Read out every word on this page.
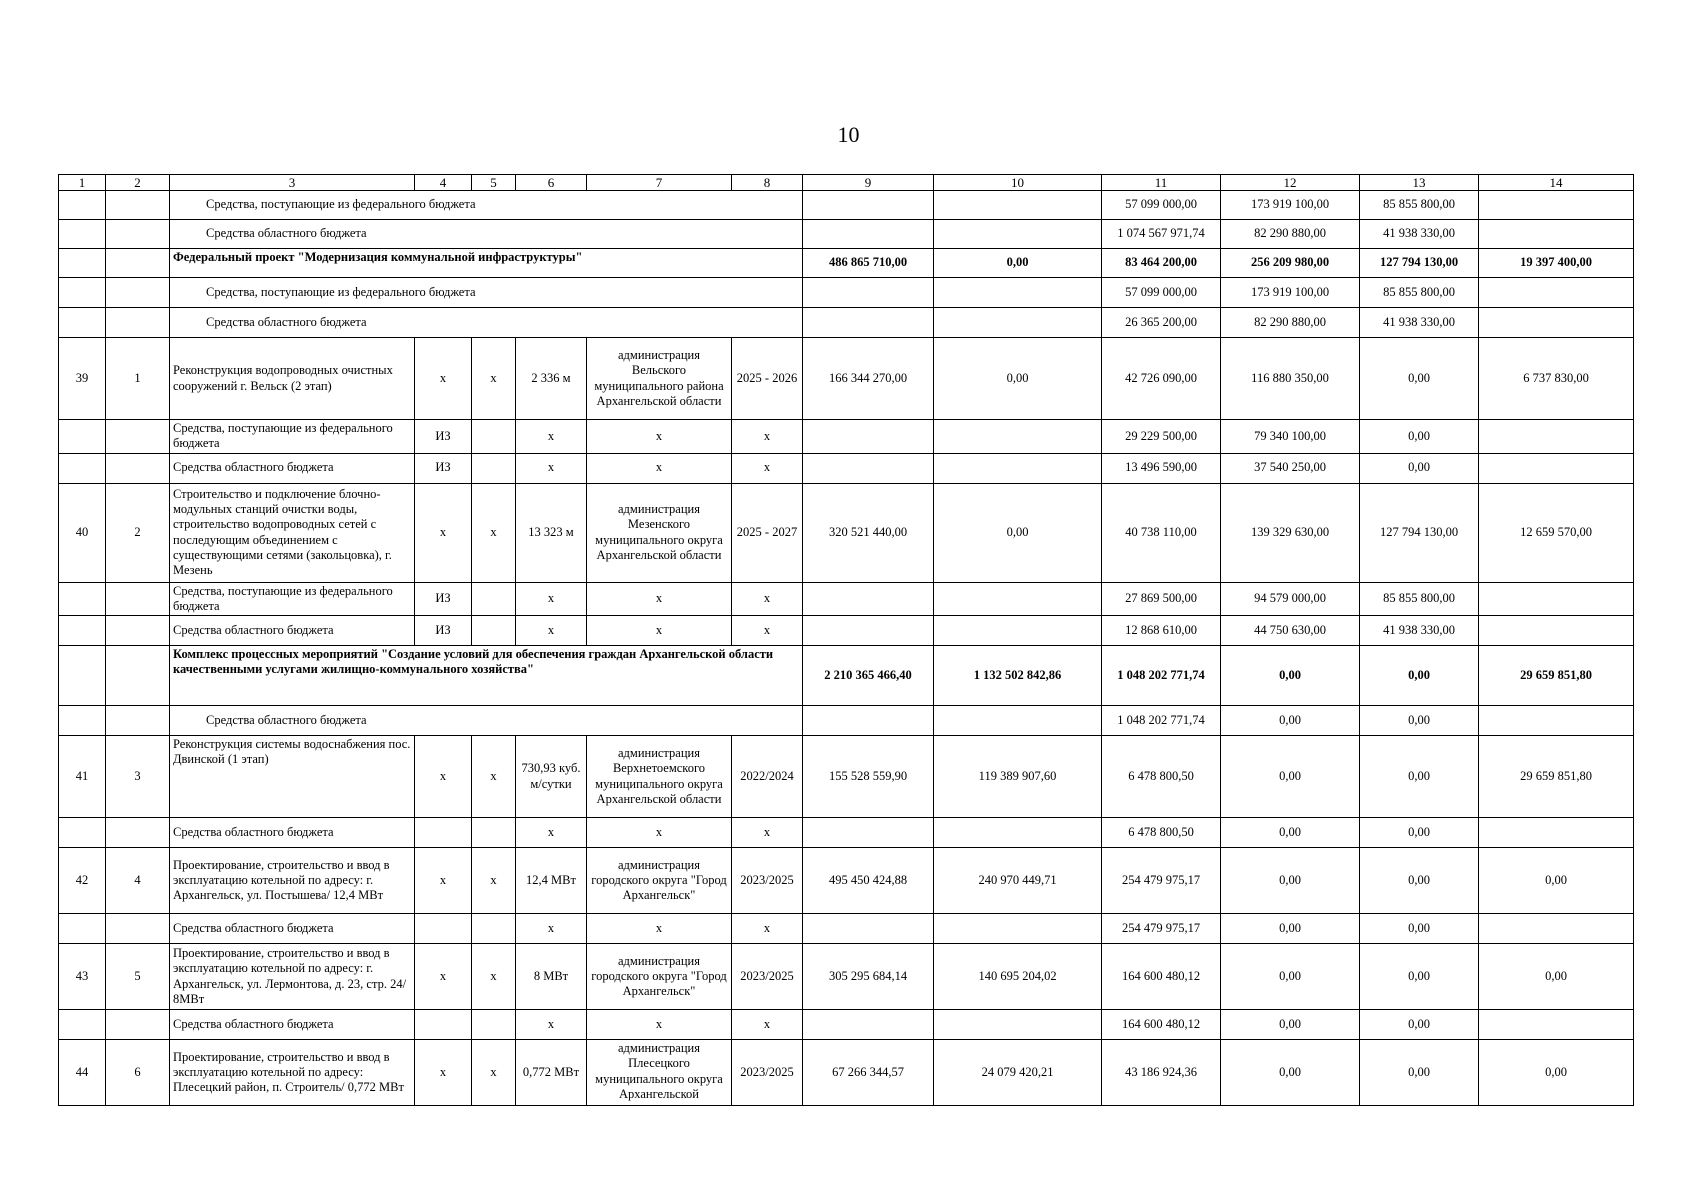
10
1	2	3	4	5	6	7	8	9	10	11	12	13	14
		Средства, поступающие из федерального бюджета								57 099 000,00	173 919 100,00	85 855 800,00	
		Средства областного бюджета								1 074 567 971,74	82 290 880,00	41 938 330,00	
		Федеральный проект "Модернизация коммунальной инфраструктуры"						486 865 710,00	0,00	83 464 200,00	256 209 980,00	127 794 130,00	19 397 400,00
		Средства, поступающие из федерального бюджета								57 099 000,00	173 919 100,00	85 855 800,00	
		Средства областного бюджета								26 365 200,00	82 290 880,00	41 938 330,00	
39	1	Реконструкция водопроводных очистных сооружений г. Вельск (2 этап)	х	х	2 336 м	администрация Вельского муниципального района Архангельской области	2025 - 2026	166 344 270,00	0,00	42 726 090,00	116 880 350,00	0,00	6 737 830,00
		Средства, поступающие из федерального бюджета	ИЗ		х	х	х			29 229 500,00	79 340 100,00	0,00	
		Средства областного бюджета	ИЗ		х	х	х			13 496 590,00	37 540 250,00	0,00	
40	2	Строительство и подключение блочно-модульных станций очистки воды, строительство водопроводных сетей с последующим объединением с существующими сетями (закольцовка), г. Мезень	х	х	13 323 м	администрация Мезенского муниципального округа Архангельской области	2025 - 2027	320 521 440,00	0,00	40 738 110,00	139 329 630,00	127 794 130,00	12 659 570,00
		Средства, поступающие из федерального бюджета	ИЗ		х	х	х			27 869 500,00	94 579 000,00	85 855 800,00	
		Средства областного бюджета	ИЗ		х	х	х			12 868 610,00	44 750 630,00	41 938 330,00	
		Комплекс процессных мероприятий "Создание условий для обеспечения граждан Архангельской области качественными услугами жилищно-коммунального хозяйства"						2 210 365 466,40	1 132 502 842,86	1 048 202 771,74	0,00	0,00	29 659 851,80
		Средства областного бюджета								1 048 202 771,74	0,00	0,00	
41	3	Реконструкция системы водоснабжения пос. Двинской (1 этап)	х	х	730,93 куб. м/сутки	администрация Верхнетоемского муниципального округа Архангельской области	2022/2024	155 528 559,90	119 389 907,60	6 478 800,50	0,00	0,00	29 659 851,80
		Средства областного бюджета			х	х	х			6 478 800,50	0,00	0,00	
42	4	Проектирование, строительство и ввод в эксплуатацию котельной по адресу: г. Архангельск, ул. Постышева/ 12,4 МВт	х	х	12,4 МВт	администрация городского округа "Город Архангельск"	2023/2025	495 450 424,88	240 970 449,71	254 479 975,17	0,00	0,00	0,00
		Средства областного бюджета			х	х	х			254 479 975,17	0,00	0,00	
43	5	Проектирование, строительство и ввод в эксплуатацию котельной по адресу: г. Архангельск, ул. Лермонтова, д. 23, стр. 24/ 8МВт	х	х	8 МВт	администрация городского округа "Город Архангельск"	2023/2025	305 295 684,14	140 695 204,02	164 600 480,12	0,00	0,00	0,00
		Средства областного бюджета			х	х	х			164 600 480,12	0,00	0,00	
44	6	Проектирование, строительство и ввод в эксплуатацию котельной по адресу: Плесецкий район, п. Строитель/ 0,772 МВт	х	х	0,772 МВт	администрация Плесецкого муниципального округа Архангельской	2023/2025	67 266 344,57	24 079 420,21	43 186 924,36	0,00	0,00	0,00
